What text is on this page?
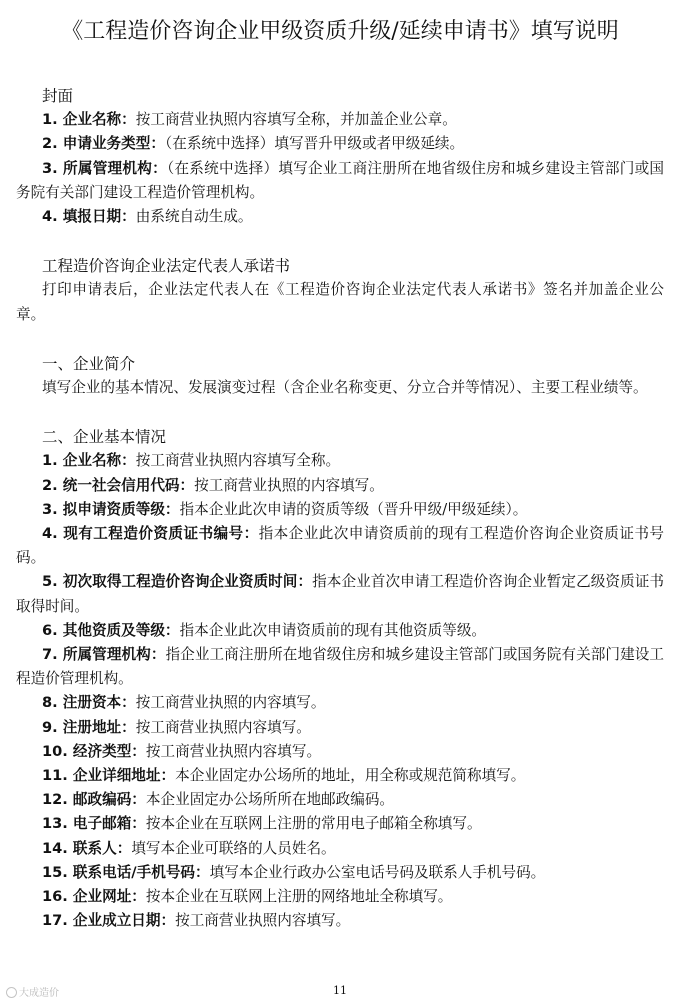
《工程造价咨询企业甲级资质升级/延续申请书》填写说明
封面
1. 企业名称：按工商营业执照内容填写全称，并加盖企业公章。
2. 申请业务类型：（在系统中选择）填写晋升甲级或者甲级延续。
3. 所属管理机构：（在系统中选择）填写企业工商注册所在地省级住房和城乡建设主管部门或国务院有关部门建设工程造价管理机构。
4. 填报日期：由系统自动生成。
工程造价咨询企业法定代表人承诺书
打印申请表后，企业法定代表人在《工程造价咨询企业法定代表人承诺书》签名并加盖企业公章。
一、企业简介
填写企业的基本情况、发展演变过程（含企业名称变更、分立合并等情况）、主要工程业绩等。
二、企业基本情况
1. 企业名称：按工商营业执照内容填写全称。
2. 统一社会信用代码：按工商营业执照的内容填写。
3. 拟申请资质等级：指本企业此次申请的资质等级（晋升甲级/甲级延续）。
4. 现有工程造价资质证书编号：指本企业此次申请资质前的现有工程造价咨询企业资质证书号码。
5. 初次取得工程造价咨询企业资质时间：指本企业首次申请工程造价咨询企业暂定乙级资质证书取得时间。
6. 其他资质及等级：指本企业此次申请资质前的现有其他资质等级。
7. 所属管理机构：指企业工商注册所在地省级住房和城乡建设主管部门或国务院有关部门建设工程造价管理机构。
8. 注册资本：按工商营业执照的内容填写。
9. 注册地址：按工商营业执照内容填写。
10. 经济类型：按工商营业执照内容填写。
11. 企业详细地址：本企业固定办公场所的地址，用全称或规范简称填写。
12. 邮政编码：本企业固定办公场所所在地邮政编码。
13. 电子邮箱：按本企业在互联网上注册的常用电子邮箱全称填写。
14. 联系人：填写本企业可联络的人员姓名。
15. 联系电话/手机号码：填写本企业行政办公室电话号码及联系人手机号码。
16. 企业网址：按本企业在互联网上注册的网络地址全称填写。
17. 企业成立日期：按工商营业执照内容填写。
大成造价	11
